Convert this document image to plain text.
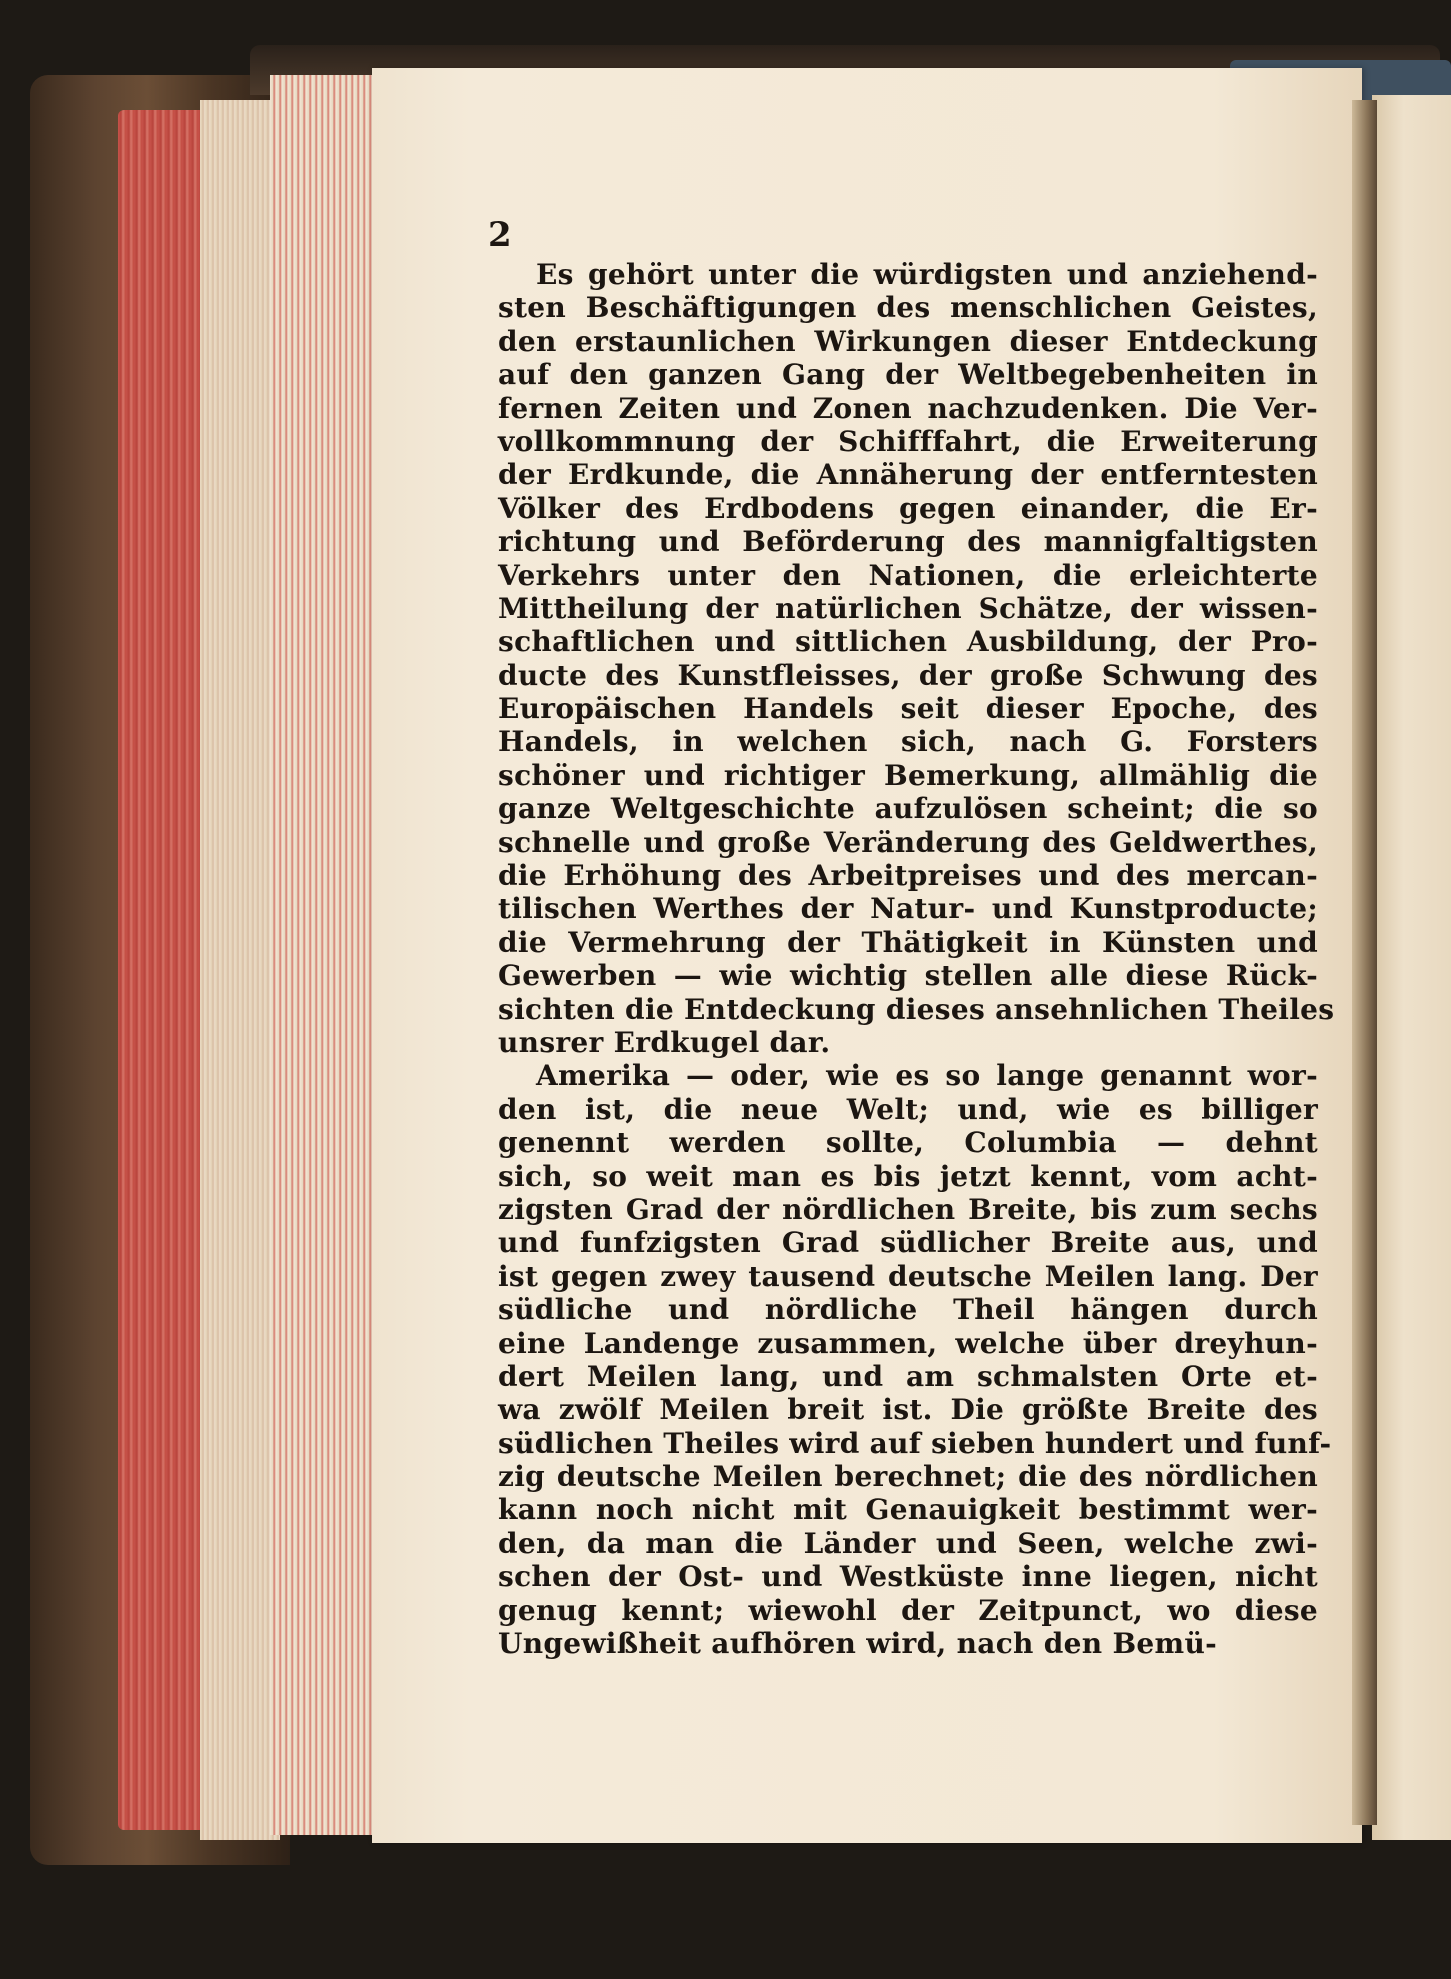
2
Es gehört unter die würdigsten und anziehend-
sten Beschäftigungen des menschlichen Geistes,
den erstaunlichen Wirkungen dieser Entdeckung
auf den ganzen Gang der Weltbegebenheiten in
fernen Zeiten und Zonen nachzudenken. Die Ver-
vollkommnung der Schifffahrt, die Erweiterung
der Erdkunde, die Annäherung der entferntesten
Völker des Erdbodens gegen einander, die Er-
richtung und Beförderung des mannigfaltigsten
Verkehrs unter den Nationen, die erleichterte
Mittheilung der natürlichen Schätze, der wissen-
schaftlichen und sittlichen Ausbildung, der Pro-
ducte des Kunstfleisses, der große Schwung des
Europäischen Handels seit dieser Epoche, des
Handels, in welchen sich, nach G. Forsters
schöner und richtiger Bemerkung, allmählig die
ganze Weltgeschichte aufzulösen scheint; die so
schnelle und große Veränderung des Geldwerthes,
die Erhöhung des Arbeitpreises und des mercan-
tilischen Werthes der Natur- und Kunstproducte;
die Vermehrung der Thätigkeit in Künsten und
Gewerben — wie wichtig stellen alle diese Rück-
sichten die Entdeckung dieses ansehnlichen Theiles
unsrer Erdkugel dar.
Amerika — oder, wie es so lange genannt wor-
den ist, die neue Welt; und, wie es billiger
genennt werden sollte, Columbia — dehnt
sich, so weit man es bis jetzt kennt, vom acht-
zigsten Grad der nördlichen Breite, bis zum sechs
und funfzigsten Grad südlicher Breite aus, und
ist gegen zwey tausend deutsche Meilen lang. Der
südliche und nördliche Theil hängen durch
eine Landenge zusammen, welche über dreyhun-
dert Meilen lang, und am schmalsten Orte et-
wa zwölf Meilen breit ist. Die größte Breite des
südlichen Theiles wird auf sieben hundert und funf-
zig deutsche Meilen berechnet; die des nördlichen
kann noch nicht mit Genauigkeit bestimmt wer-
den, da man die Länder und Seen, welche zwi-
schen der Ost- und Westküste inne liegen, nicht
genug kennt; wiewohl der Zeitpunct, wo diese
Ungewißheit aufhören wird, nach den Bemü-
